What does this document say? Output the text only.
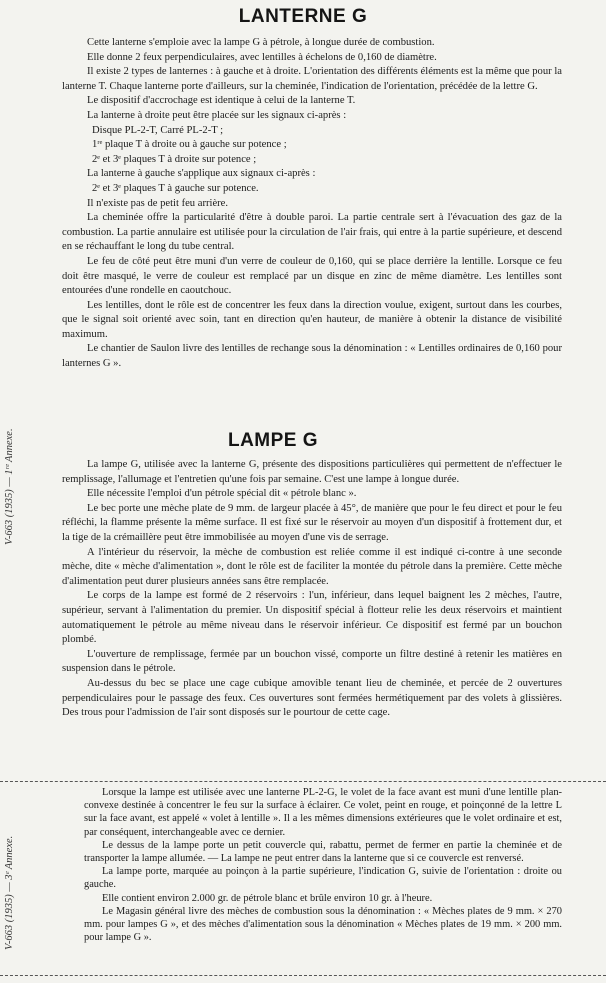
LANTERNE G

Cette lanterne s'emploie avec la lampe G à pétrole, à longue durée de combustion.

Elle donne 2 feux perpendiculaires, avec lentilles à échelons de 0,160 de diamètre.

Il existe 2 types de lanternes : à gauche et à droite. L'orientation des différents éléments est la même que pour la lanterne T. Chaque lanterne porte d'ailleurs, sur la cheminée, l'indication de l'orientation, précédée de la lettre G.

Le dispositif d'accrochage est identique à celui de la lanterne T.

La lanterne à droite peut être placée sur les signaux ci-après :

Disque PL-2-T, Carré PL-2-T ;

1ʳᵉ plaque T à droite ou à gauche sur potence ;

2ᵉ et 3ᵉ plaques T à droite sur potence ;

La lanterne à gauche s'applique aux signaux ci-après :

2ᵉ et 3ᵉ plaques T à gauche sur potence.

Il n'existe pas de petit feu arrière.

La cheminée offre la particularité d'être à double paroi. La partie centrale sert à l'évacuation des gaz de la combustion. La partie annulaire est utilisée pour la circulation de l'air frais, qui entre à la partie supérieure, et descend en se réchauffant le long du tube central.

Le feu de côté peut être muni d'un verre de couleur de 0,160, qui se place derrière la lentille. Lorsque ce feu doit être masqué, le verre de couleur est remplacé par un disque en zinc de même diamètre. Les lentilles sont entourées d'une rondelle en caoutchouc.

Les lentilles, dont le rôle est de concentrer les feux dans la direction voulue, exigent, surtout dans les courbes, que le signal soit orienté avec soin, tant en direction qu'en hauteur, de manière à obtenir la distance de visibilité maximum.

Le chantier de Saulon livre des lentilles de rechange sous la dénomination : « Lentilles ordinaires de 0,160 pour lanternes G ».

LAMPE G

La lampe G, utilisée avec la lanterne G, présente des dispositions particulières qui permettent de n'effectuer le remplissage, l'allumage et l'entretien qu'une fois par semaine. C'est une lampe à longue durée.

Elle nécessite l'emploi d'un pétrole spécial dit « pétrole blanc ».

Le bec porte une mèche plate de 9 mm. de largeur placée à 45°, de manière que pour le feu direct et pour le feu réfléchi, la flamme présente la même surface. Il est fixé sur le réservoir au moyen d'un dispositif à frottement dur, et la tige de la crémaillère peut être immobilisée au moyen d'une vis de serrage.

A l'intérieur du réservoir, la mèche de combustion est reliée comme il est indiqué ci-contre à une seconde mèche, dite « mèche d'alimentation », dont le rôle est de faciliter la montée du pétrole dans la première. Cette mèche d'alimentation peut durer plusieurs années sans être remplacée.

Le corps de la lampe est formé de 2 réservoirs : l'un, inférieur, dans lequel baignent les 2 mèches, l'autre, supérieur, servant à l'alimentation du premier. Un dispositif spécial à flotteur relie les deux réservoirs et maintient automatiquement le pétrole au même niveau dans le réservoir inférieur. Ce dispositif est fermé par un bouchon plombé.

L'ouverture de remplissage, fermée par un bouchon vissé, comporte un filtre destiné à retenir les matières en suspension dans le pétrole.

Au-dessus du bec se place une cage cubique amovible tenant lieu de cheminée, et percée de 2 ouvertures perpendiculaires pour le passage des feux. Ces ouvertures sont fermées hermétiquement par des volets à glissières. Des trous pour l'admission de l'air sont disposés sur le pourtour de cette cage.

Lorsque la lampe est utilisée avec une lanterne PL-2-G, le volet de la face avant est muni d'une lentille plan-convexe destinée à concentrer le feu sur la surface à éclairer. Ce volet, peint en rouge, et poinçonné de la lettre L sur la face avant, est appelé « volet à lentille ». Il a les mêmes dimensions extérieures que le volet ordinaire et est, par conséquent, interchangeable avec ce dernier.

Le dessus de la lampe porte un petit couvercle qui, rabattu, permet de fermer en partie la cheminée et de transporter la lampe allumée. — La lampe ne peut entrer dans la lanterne que si ce couvercle est renversé.

La lampe porte, marquée au poinçon à la partie supérieure, l'indication G, suivie de l'orientation : droite ou gauche.

Elle contient environ 2.000 gr. de pétrole blanc et brûle environ 10 gr. à l'heure.

Le Magasin général livre des mèches de combustion sous la dénomination : « Mèches plates de 9 mm. × 270 mm. pour lampes G », et des mèches d'alimentation sous la dénomination « Mèches plates de 19 mm. × 200 mm. pour lampe G ».

V-663 (1935) — 1ʳᵉ Annexe.
V-663 (1935) — 3ᵉ Annexe.
